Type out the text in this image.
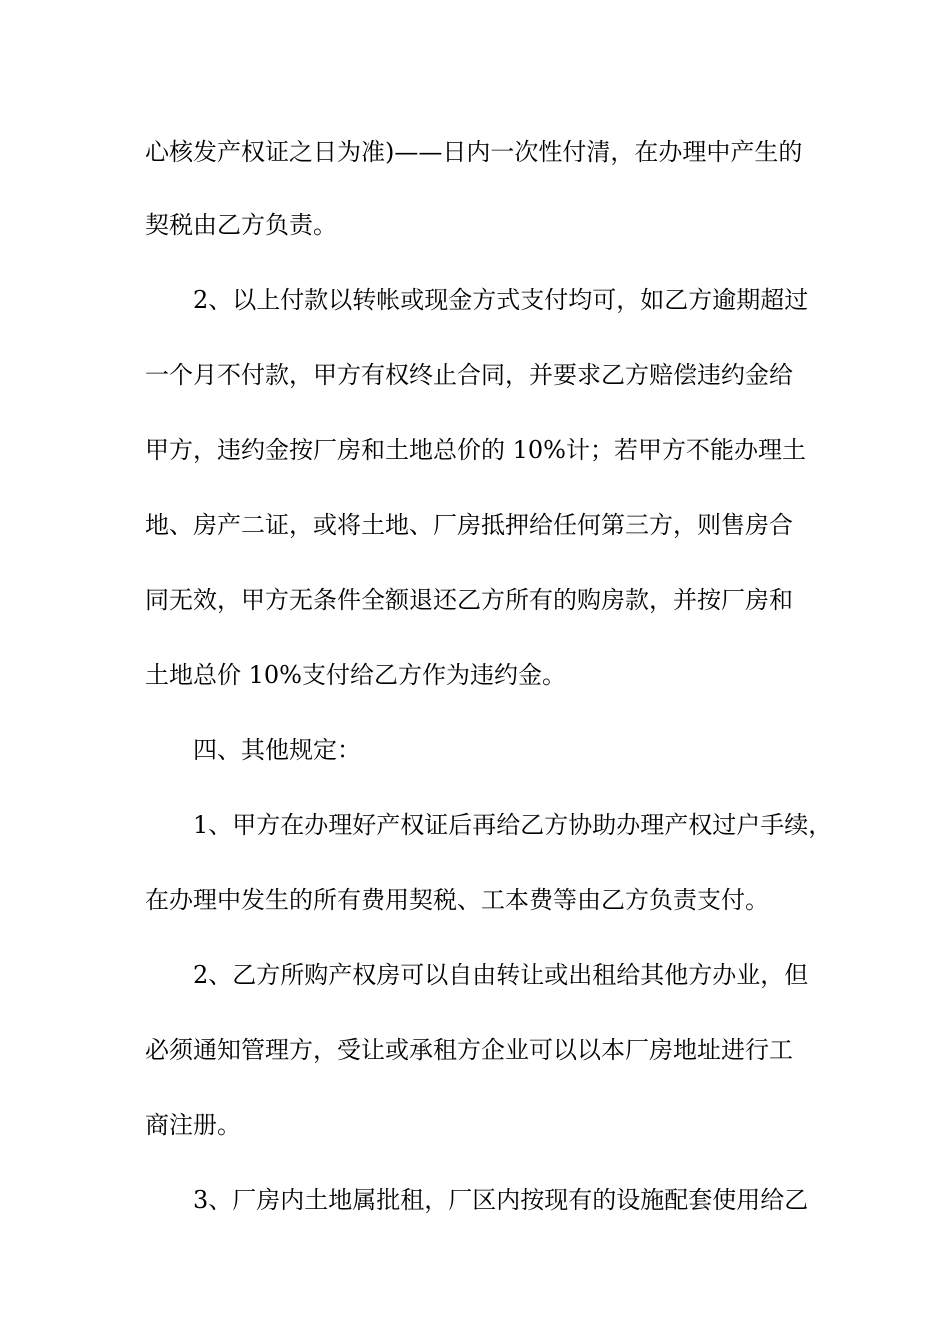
心核发产权证之日为准)——日内一次性付清，在办理中产生的
契税由乙方负责。
2、以上付款以转帐或现金方式支付均可，如乙方逾期超过
一个月不付款，甲方有权终止合同，并要求乙方赔偿违约金给
甲方，违约金按厂房和土地总价的 10%计；若甲方不能办理土
地、房产二证，或将土地、厂房抵押给任何第三方，则售房合
同无效，甲方无条件全额退还乙方所有的购房款，并按厂房和
土地总价 10%支付给乙方作为违约金。
四、其他规定：
1、甲方在办理好产权证后再给乙方协助办理产权过户手续，
在办理中发生的所有费用契税、工本费等由乙方负责支付。
2、乙方所购产权房可以自由转让或出租给其他方办业，但
必须通知管理方，受让或承租方企业可以以本厂房地址进行工
商注册。
3、厂房内土地属批租，厂区内按现有的设施配套使用给乙
